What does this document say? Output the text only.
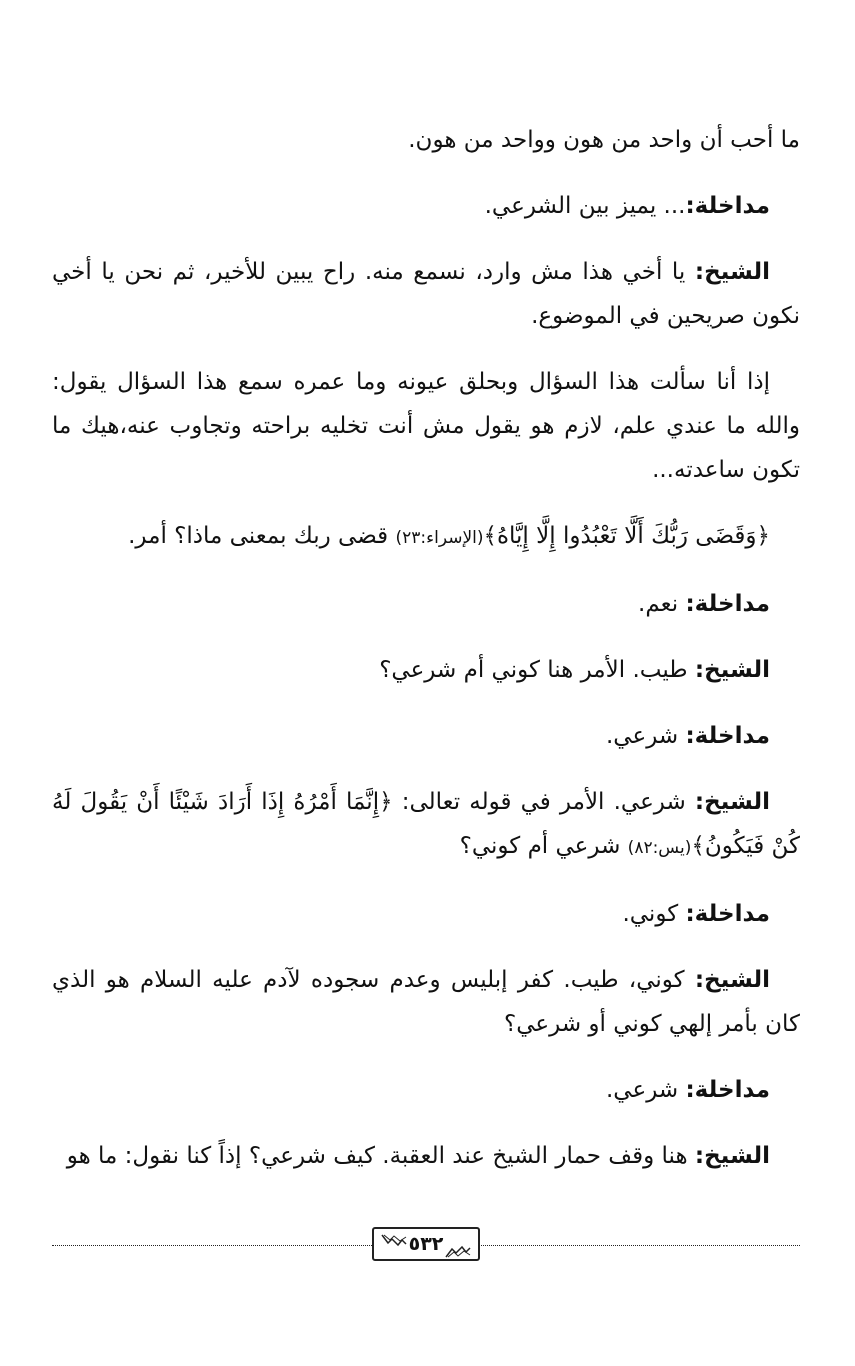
ما أحب أن واحد من هون وواحد من هون.

مداخلة:... يميز بين الشرعي.

الشيخ: يا أخي هذا مش وارد، نسمع منه. راح يبين للأخير، ثم نحن يا أخي نكون صريحين في الموضوع.

إذا أنا سألت هذا السؤال وبحلق عيونه وما عمره سمع هذا السؤال يقول: والله ما عندي علم، لازم هو يقول مش أنت تخليه براحته وتجاوب عنه،هيك ما تكون ساعدته...

﴿وَقَضَى رَبُّكَ أَلَّا تَعْبُدُوا إِلَّا إِيَّاهُ﴾(الإسراء:٢٣) قضى ربك بمعنى ماذا؟ أمر.

مداخلة: نعم.

الشيخ: طيب. الأمر هنا كوني أم شرعي؟

مداخلة: شرعي.

الشيخ: شرعي. الأمر في قوله تعالى: ﴿إِنَّمَا أَمْرُهُ إِذَا أَرَادَ شَيْئًا أَنْ يَقُولَ لَهُ كُنْ فَيَكُونُ﴾(يس:٨٢) شرعي أم كوني؟

مداخلة: كوني.

الشيخ: كوني، طيب. كفر إبليس وعدم سجوده لآدم عليه السلام هو الذي كان بأمر إلهي كوني أو شرعي؟

مداخلة: شرعي.

الشيخ: هنا وقف حمار الشيخ عند العقبة. كيف شرعي؟ إذاً كنا نقول: ما هو

٥٣٢
